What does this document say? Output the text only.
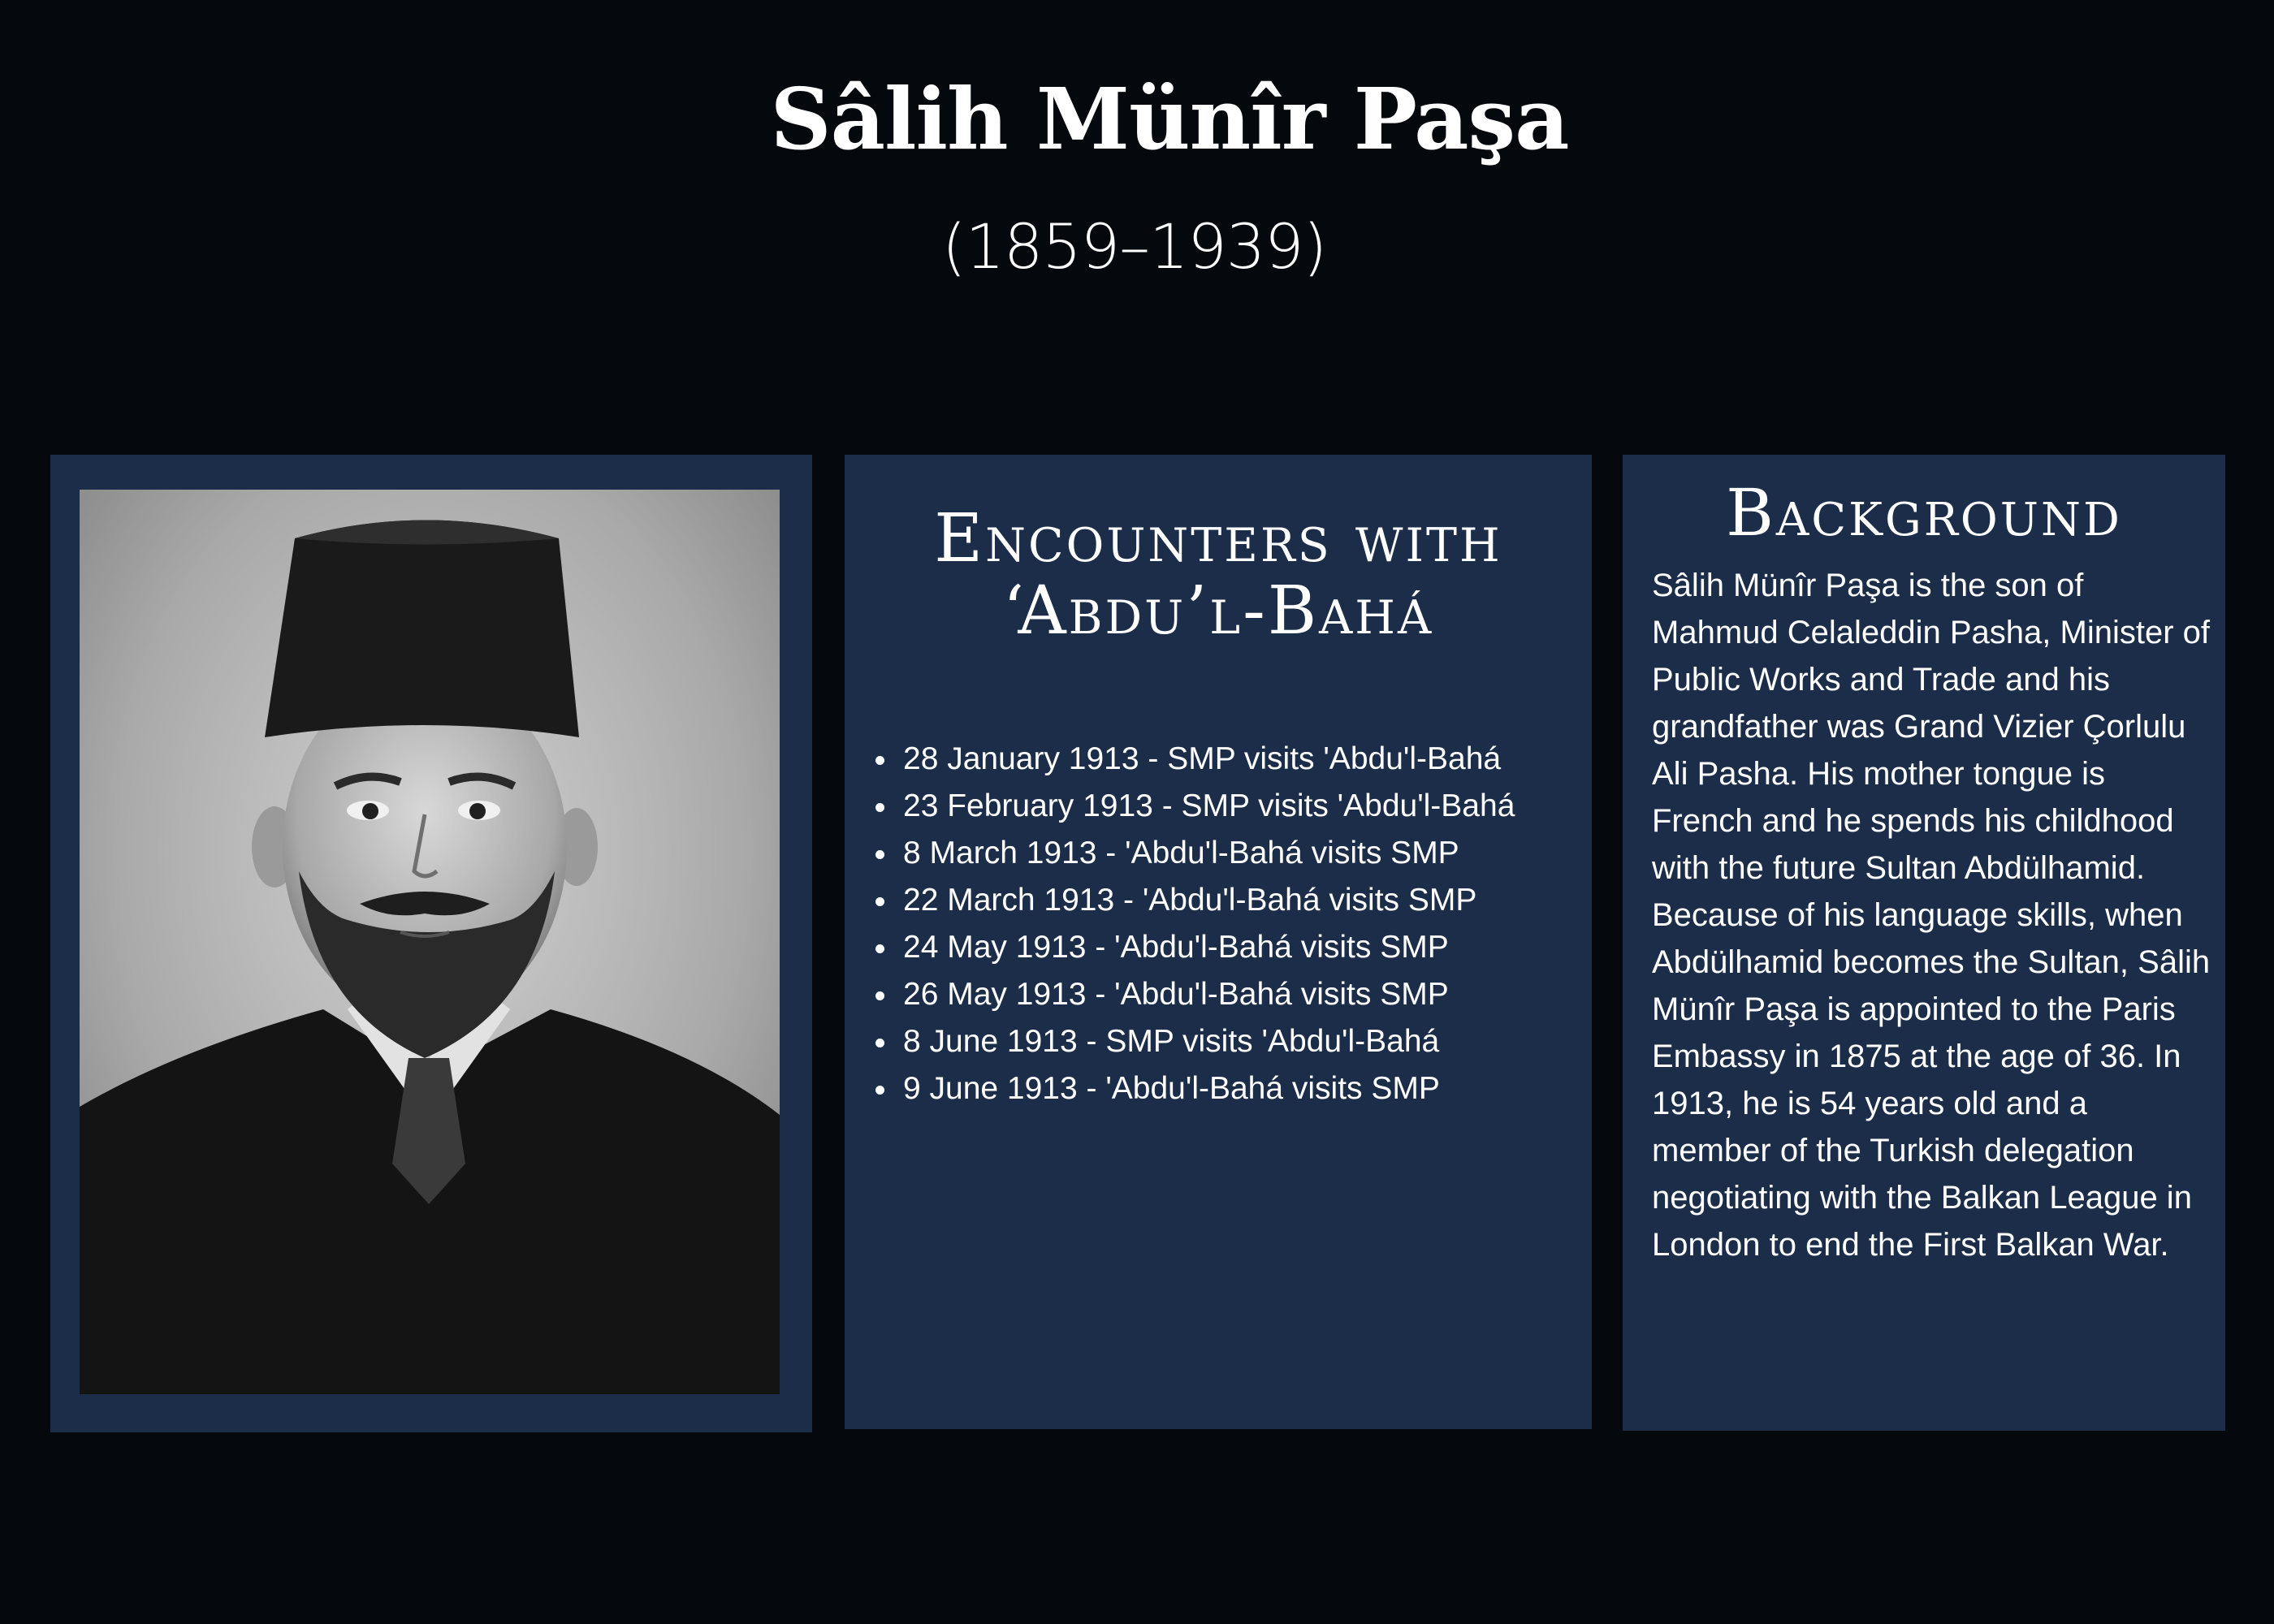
Sâlih Münîr Paşa
(1859–1939)
Encounters with
‘Abdu’l-Bahá
28 January 1913 - SMP visits 'Abdu'l-Bahá
23 February 1913 - SMP visits 'Abdu'l-Bahá
8 March 1913 - 'Abdu'l-Bahá visits SMP
22 March 1913 - 'Abdu'l-Bahá visits SMP
24 May 1913 - 'Abdu'l-Bahá visits SMP
26 May 1913 - 'Abdu'l-Bahá visits SMP
8 June 1913 - SMP visits 'Abdu'l-Bahá
9 June 1913 - 'Abdu'l-Bahá visits SMP
Background

Sâlih Münîr Paşa is the son of Mahmud Celaleddin Pasha, Minister of Public Works and Trade and his grandfather was Grand Vizier Çorlulu Ali Pasha. His mother tongue is French and he spends his childhood with the future Sultan Abdülhamid. Because of his language skills, when Abdülhamid becomes the Sultan, Sâlih Münîr Paşa is appointed to the Paris Embassy in 1875 at the age of 36. In 1913, he is 54 years old and a member of the Turkish delegation negotiating with the Balkan League in London to end the First Balkan War.
